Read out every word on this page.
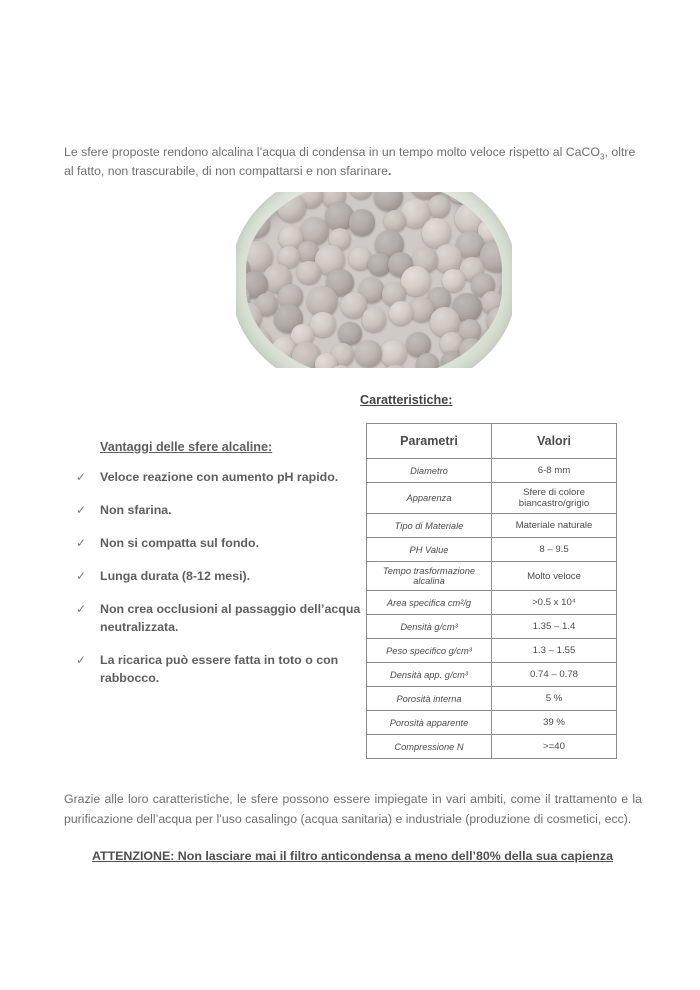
Le sfere proposte rendono alcalina l’acqua di condensa in un tempo molto veloce rispetto al CaCO$_3$, oltre al fatto, non trascurabile, di non compattarsi e non sfarinare.

Vantaggi delle sfere alcaline:
✓	Veloce reazione con aumento pH rapido.
✓	Non sfarina.
✓	Non si compatta sul fondo.
✓	Lunga durata (8-12 mesi).
✓	Non crea occlusioni al passaggio dell’acqua neutralizzata.
✓	La ricarica può essere fatta in toto o con rabbocco.
Caratteristiche:
Parametri	Valori
Diametro	6-8 mm
Apparenza	Sfere di colore biancastro/grigio
Tipo di Materiale	Materiale naturale
PH Value	8 – 9.5
Tempo trasformazione alcalina	Molto veloce
Area specifica cm²/g	>0.5 x 10⁴
Densità g/cm³	1.35 – 1.4
Peso specifico g/cm³	1.3 – 1.55
Densità app. g/cm³	0.74 – 0.78
Porosità interna	5 %
Porosità apparente	39 %
Compressione N	>=40

Grazie alle loro caratteristiche, le sfere possono essere impiegate in vari ambiti, come il trattamento e la purificazione dell’acqua per l’uso casalingo (acqua sanitaria) e industriale (produzione di cosmetici, ecc).

ATTENZIONE: Non lasciare mai il filtro anticondensa a meno dell’80% della sua capienza
